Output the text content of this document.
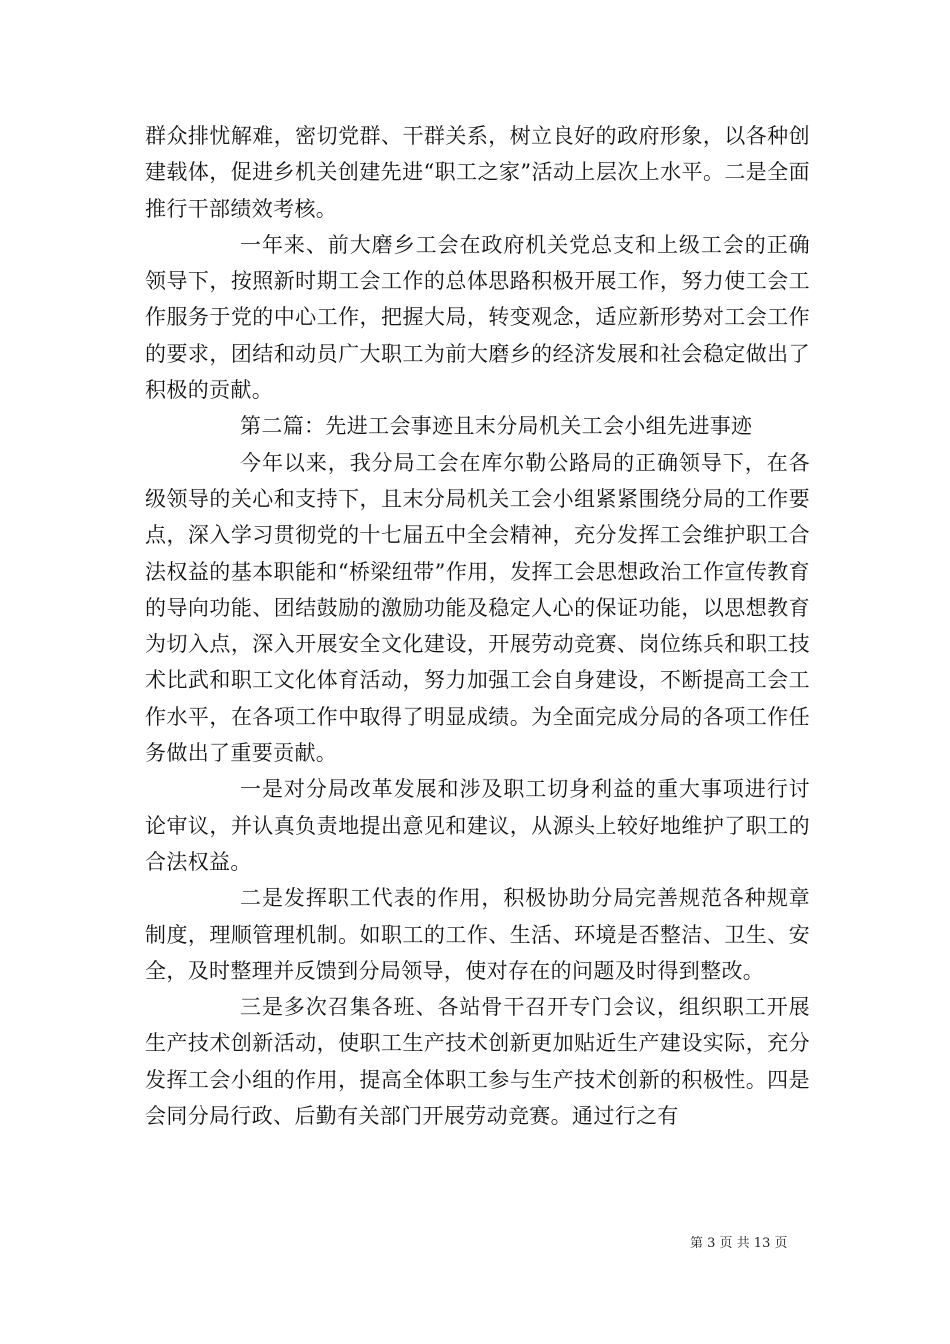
群众排忧解难，密切党群、干群关系，树立良好的政府形象，以各种创建载体，促进乡机关创建先进“职工之家”活动上层次上水平。二是全面推行干部绩效考核。

一年来、前大磨乡工会在政府机关党总支和上级工会的正确领导下，按照新时期工会工作的总体思路积极开展工作，努力使工会工作服务于党的中心工作，把握大局，转变观念，适应新形势对工会工作的要求，团结和动员广大职工为前大磨乡的经济发展和社会稳定做出了积极的贡献。

第二篇：先进工会事迹且末分局机关工会小组先进事迹

今年以来，我分局工会在库尔勒公路局的正确领导下，在各级领导的关心和支持下，且末分局机关工会小组紧紧围绕分局的工作要点，深入学习贯彻党的十七届五中全会精神，充分发挥工会维护职工合法权益的基本职能和“桥梁纽带”作用，发挥工会思想政治工作宣传教育的导向功能、团结鼓励的激励功能及稳定人心的保证功能，以思想教育为切入点，深入开展安全文化建设，开展劳动竞赛、岗位练兵和职工技术比武和职工文化体育活动，努力加强工会自身建设，不断提高工会工作水平，在各项工作中取得了明显成绩。为全面完成分局的各项工作任务做出了重要贡献。

一是对分局改革发展和涉及职工切身利益的重大事项进行讨论审议，并认真负责地提出意见和建议，从源头上较好地维护了职工的合法权益。

二是发挥职工代表的作用，积极协助分局完善规范各种规章制度，理顺管理机制。如职工的工作、生活、环境是否整洁、卫生、安全，及时整理并反馈到分局领导，使对存在的问题及时得到整改。

三是多次召集各班、各站骨干召开专门会议，组织职工开展生产技术创新活动，使职工生产技术创新更加贴近生产建设实际，充分发挥工会小组的作用，提高全体职工参与生产技术创新的积极性。四是会同分局行政、后勤有关部门开展劳动竞赛。通过行之有

第 3 页 共 13 页
